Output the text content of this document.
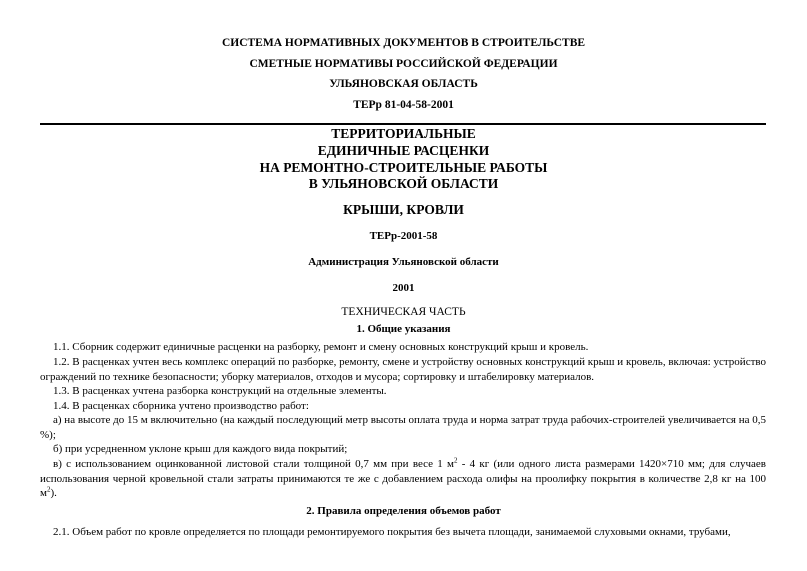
СИСТЕМА НОРМАТИВНЫХ ДОКУМЕНТОВ В СТРОИТЕЛЬСТВЕ
СМЕТНЫЕ НОРМАТИВЫ РОССИЙСКОЙ ФЕДЕРАЦИИ
УЛЬЯНОВСКАЯ ОБЛАСТЬ
ТЕРр 81-04-58-2001
ТЕРРИТОРИАЛЬНЫЕ
ЕДИНИЧНЫЕ РАСЦЕНКИ
НА РЕМОНТНО-СТРОИТЕЛЬНЫЕ РАБОТЫ
В УЛЬЯНОВСКОЙ ОБЛАСТИ
КРЫШИ, КРОВЛИ
ТЕРр-2001-58
Администрация Ульяновской области
2001
ТЕХНИЧЕСКАЯ ЧАСТЬ
1. Общие указания
1.1. Сборник содержит единичные расценки на разборку, ремонт и смену основных конструкций крыш и кровель.
1.2. В расценках учтен весь комплекс операций по разборке, ремонту, смене и устройству основных конструкций крыш и кровель, включая: устройство ограждений по технике безопасности; уборку материалов, отходов и мусора; сортировку и штабелировку материалов.
1.3. В расценках учтена разборка конструкций на отдельные элементы.
1.4. В расценках сборника учтено производство работ:
а) на высоте до 15 м включительно (на каждый последующий метр высоты оплата труда и норма затрат труда рабочих-строителей увеличивается на 0,5 %);
б) при усредненном уклоне крыш для каждого вида покрытий;
в) с использованием оцинкованной листовой стали толщиной 0,7 мм при весе 1 $м^2 - 4$ кг (или одного листа размерами 1420×710 мм; для случаев использования черной кровельной стали затраты принимаются те же с добавлением расхода олифы на проолифку покрытия в количестве 2,8 кг на 100 $м^2$).
2. Правила определения объемов работ
2.1. Объем работ по кровле определяется по площади ремонтируемого покрытия без вычета площади, занимаемой слуховыми окнами, трубами,
